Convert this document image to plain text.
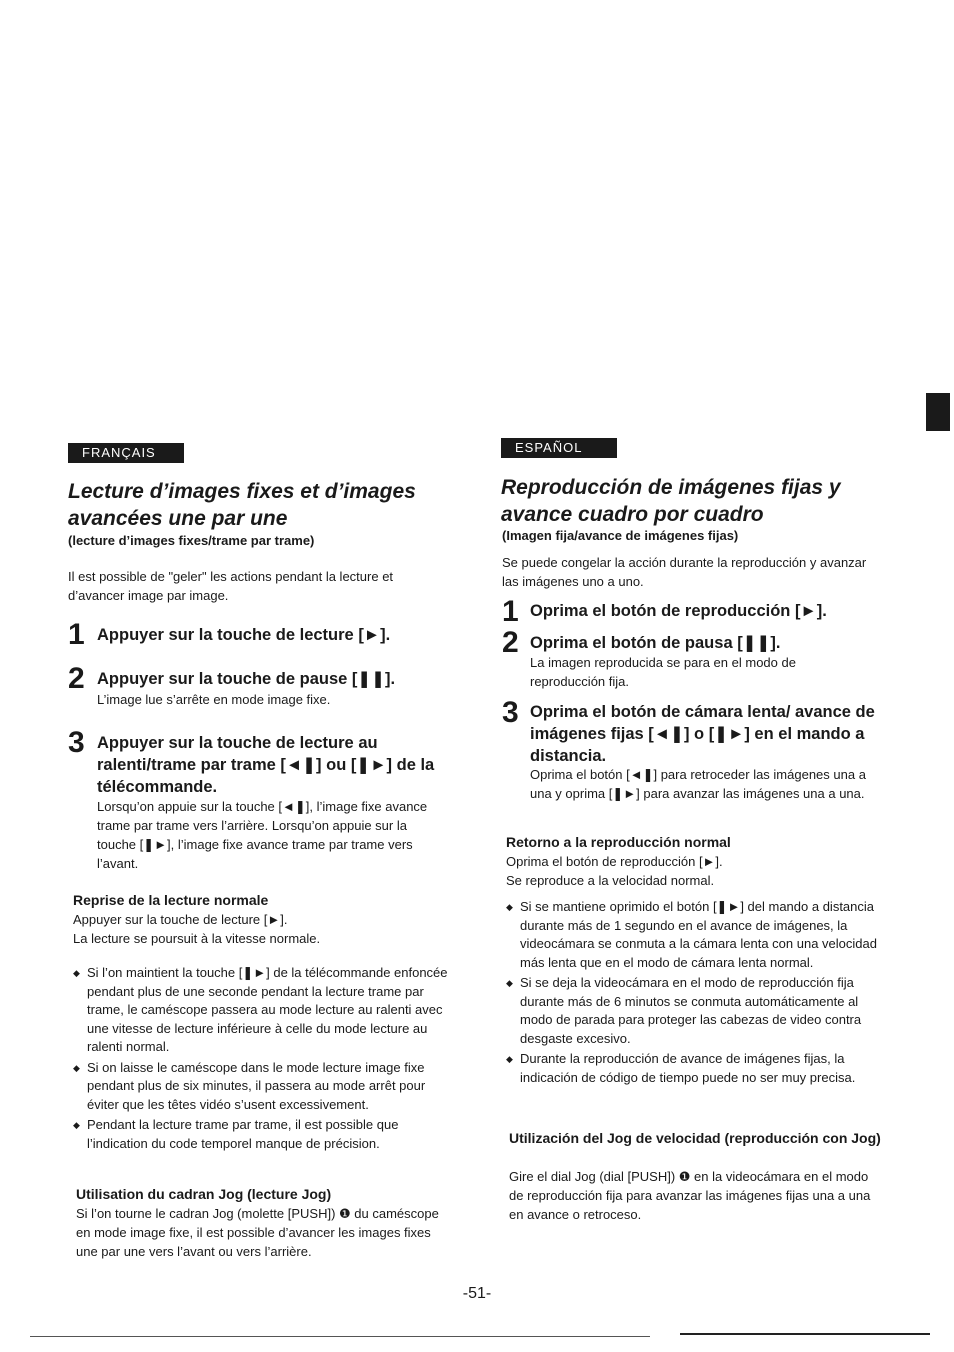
FRANÇAIS
Lecture d’images fixes et d’images
avancées une par une
(lecture d’images fixes/trame par trame)
Il est possible de "geler" les actions pendant la lecture et d’avancer image par image.
1 Appuyer sur la touche de lecture [►].
2 Appuyer sur la touche de pause [❚❚].
L’image lue s’arrête en mode image fixe.
3 Appuyer sur la touche de lecture au ralenti/trame par trame [◄❚] ou [❚►] de la télécommande.
Lorsqu’on appuie sur la touche [◄❚], l’image fixe avance trame par trame vers l’arrière. Lorsqu’on appuie sur la touche [❚►], l’image fixe avance trame par trame vers l’avant.
Reprise de la lecture normale
Appuyer sur la touche de lecture [►].
La lecture se poursuit à la vitesse normale.
◆ Si l’on maintient la touche [❚►] de la télécommande enfoncée pendant plus de une seconde pendant la lecture trame par trame, le caméscope passera au mode lecture au ralenti avec une vitesse de lecture inférieure à celle du mode lecture au ralenti normal.
◆ Si on laisse le caméscope dans le mode lecture image fixe pendant plus de six minutes, il passera au mode arrêt pour éviter que les têtes vidéo s’usent excessivement.
◆ Pendant la lecture trame par trame, il est possible que l’indication du code temporel manque de précision.
Utilisation du cadran Jog (lecture Jog)
Si l’on tourne le cadran Jog (molette [PUSH]) ❶ du caméscope en mode image fixe, il est possible d’avancer les images fixes une par une vers l’avant ou vers l’arrière.
ESPAÑOL
Reproducción de imágenes fijas y
avance cuadro por cuadro
(Imagen fija/avance de imágenes fijas)
Se puede congelar la acción durante la reproducción y avanzar las imágenes uno a uno.
1 Oprima el botón de reproducción [►].
2 Oprima el botón de pausa [❚❚].
La imagen reproducida se para en el modo de reproducción fija.
3 Oprima el botón de cámara lenta/ avance de imágenes fijas [◄❚] o [❚►] en el mando a distancia.
Oprima el botón [◄❚] para retroceder las imágenes una a una y oprima [❚►] para avanzar las imágenes una a una.
Retorno a la reproducción normal
Oprima el botón de reproducción [►].
Se reproduce a la velocidad normal.
◆ Si se mantiene oprimido el botón [❚►] del mando a distancia durante más de 1 segundo en el avance de imágenes, la videocámara se conmuta a la cámara lenta con una velocidad más lenta que en el modo de cámara lenta normal.
◆ Si se deja la videocámara en el modo de reproducción fija durante más de 6 minutos se conmuta automáticamente al modo de parada para proteger las cabezas de video contra desgaste excesivo.
◆ Durante la reproducción de avance de imágenes fijas, la indicación de código de tiempo puede no ser muy precisa.
Utilización del Jog de velocidad (reproducción con Jog)
Gire el dial Jog (dial [PUSH]) ❶ en la videocámara en el modo de reproducción fija para avanzar las imágenes fijas una a una en avance o retroceso.
-51-
